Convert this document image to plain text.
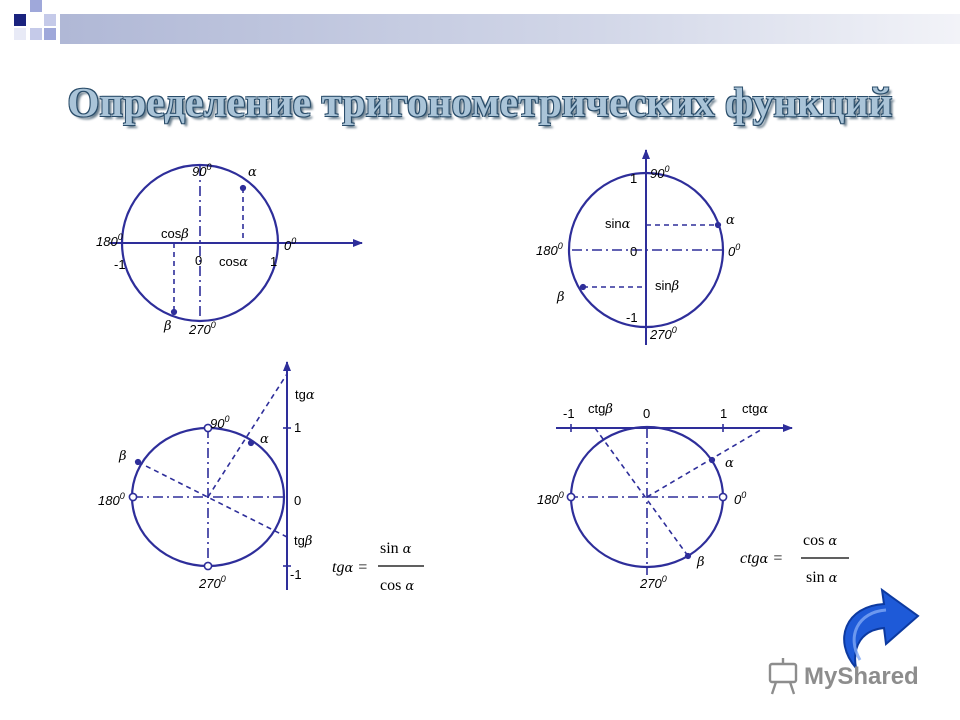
Определение тригонометрических функций
$90^0$
$180^0$
$0^0$
$270^0$
-1	0	1
cosβ
cosα
α
β
1 $90^0$
$180^0$	$0^0$
$270^0$
0
-1
sinα
sinβ
α
β
$90^0$
$180^0$
$270^0$
tgα
1
0
tgβ
-1
α
β
tgα =
sin α
cos α
-1 ctgβ 0	1 ctgα
$180^0$	$0^0$
$270^0$
α
β ctgα =
cos α
sin α
MyShared
